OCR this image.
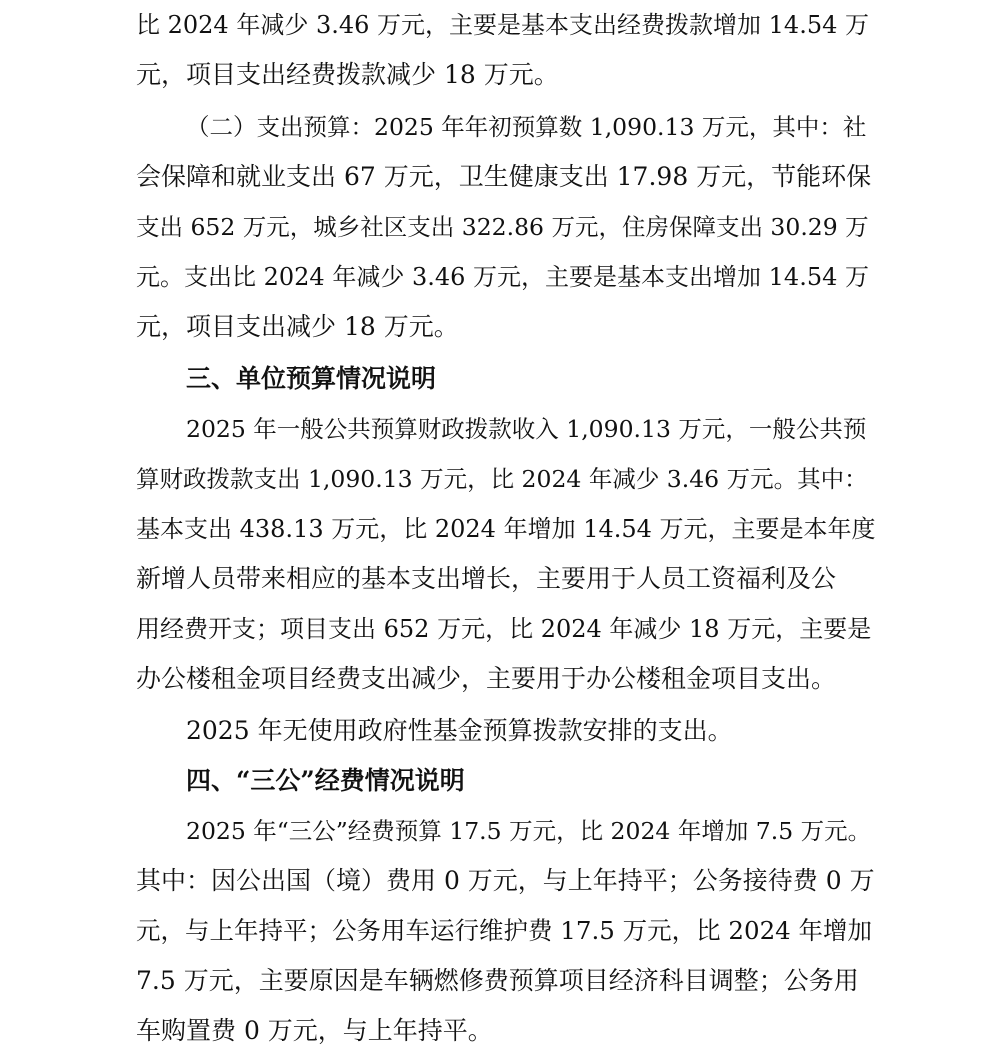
比 2024 年减少 3.46 万元，主要是基本支出经费拨款增加 14.54 万
元，项目支出经费拨款减少 18 万元。
（二）支出预算：2025 年年初预算数 1,090.13 万元，其中：社
会保障和就业支出 67 万元，卫生健康支出 17.98 万元，节能环保
支出 652 万元，城乡社区支出 322.86 万元，住房保障支出 30.29 万
元。支出比 2024 年减少 3.46 万元，主要是基本支出增加 14.54 万
元，项目支出减少 18 万元。
三、单位预算情况说明
2025 年一般公共预算财政拨款收入 1,090.13 万元，一般公共预
算财政拨款支出 1,090.13 万元，比 2024 年减少 3.46 万元。其中：
基本支出 438.13 万元，比 2024 年增加 14.54 万元，主要是本年度
新增人员带来相应的基本支出增长，主要用于人员工资福利及公
用经费开支；项目支出 652 万元，比 2024 年减少 18 万元，主要是
办公楼租金项目经费支出减少，主要用于办公楼租金项目支出。
2025 年无使用政府性基金预算拨款安排的支出。
四、“三公”经费情况说明
2025 年“三公”经费预算 17.5 万元，比 2024 年增加 7.5 万元。
其中：因公出国（境）费用 0 万元，与上年持平；公务接待费 0 万
元，与上年持平；公务用车运行维护费 17.5 万元，比 2024 年增加
7.5 万元，主要原因是车辆燃修费预算项目经济科目调整；公务用
车购置费 0 万元，与上年持平。
